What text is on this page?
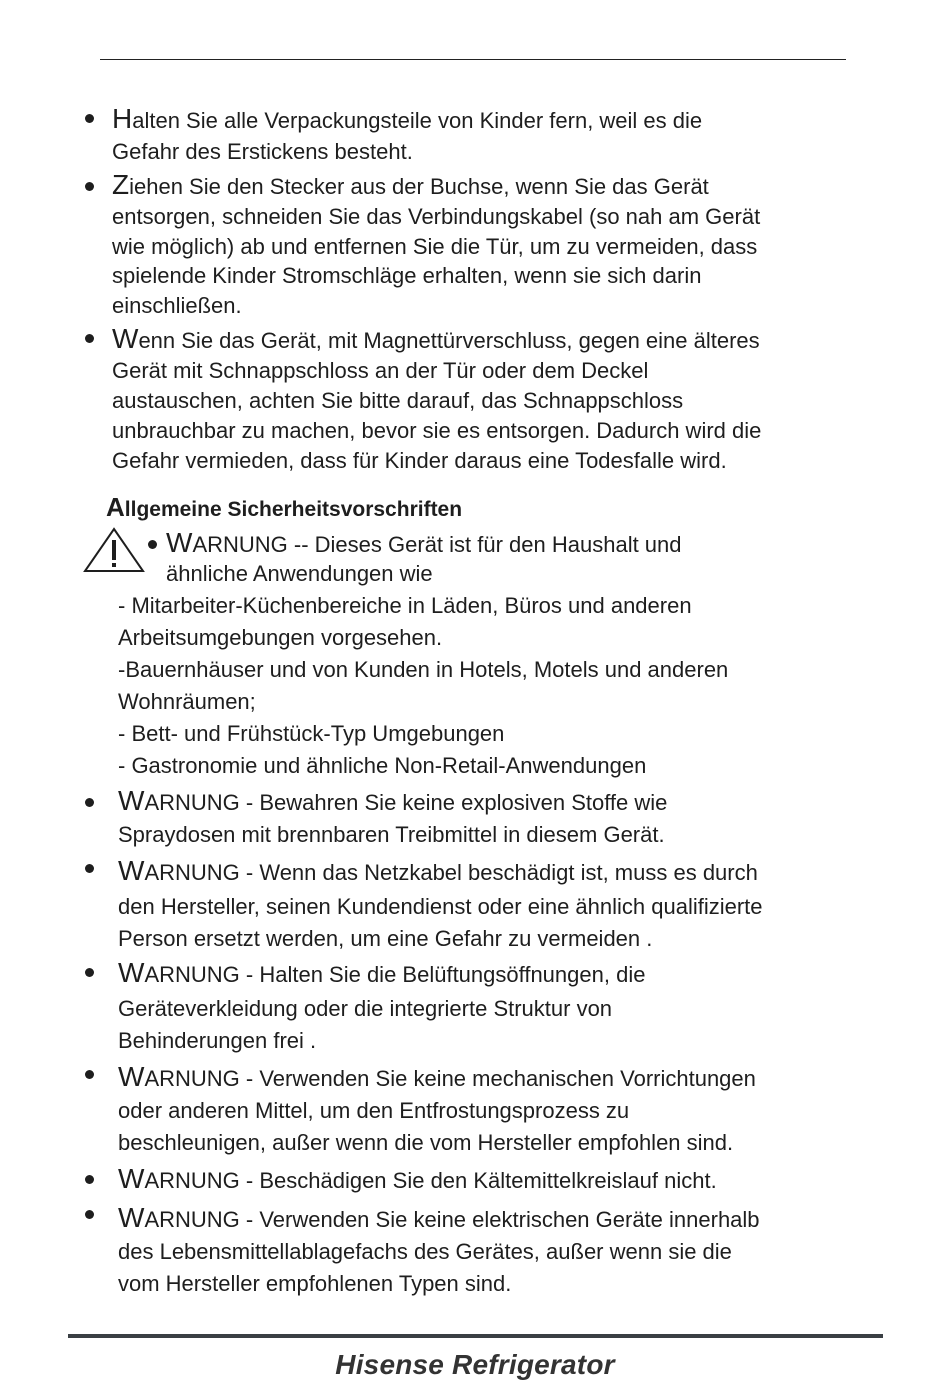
Halten Sie alle Verpackungsteile von Kinder fern, weil es die
Gefahr des Erstickens besteht.
Ziehen Sie den Stecker aus der Buchse, wenn Sie das Gerät
entsorgen, schneiden Sie das Verbindungskabel (so nah am Gerät
wie möglich) ab und entfernen Sie die Tür, um zu vermeiden, dass
spielende Kinder Stromschläge erhalten, wenn sie sich darin
einschließen.
Wenn Sie das Gerät, mit Magnettürverschluss, gegen eine älteres
Gerät mit Schnappschloss an der Tür oder dem Deckel
austauschen, achten Sie bitte darauf, das Schnappschloss
unbrauchbar zu machen, bevor sie es entsorgen. Dadurch wird die
Gefahr vermieden, dass für Kinder daraus eine Todesfalle wird.
Allgemeine Sicherheitsvorschriften
WARNUNG -- Dieses Gerät ist für den Haushalt und
ähnliche Anwendungen wie
- Mitarbeiter-Küchenbereiche in Läden, Büros und anderen
Arbeitsumgebungen vorgesehen.
-Bauernhäuser und von Kunden in Hotels, Motels und anderen
Wohnräumen;
- Bett- und Frühstück-Typ Umgebungen
- Gastronomie und ähnliche Non-Retail-Anwendungen
WARNUNG - Bewahren Sie keine explosiven Stoffe wie
Spraydosen mit brennbaren Treibmittel in diesem Gerät.
WARNUNG - Wenn das Netzkabel beschädigt ist, muss es durch
den Hersteller, seinen Kundendienst oder eine ähnlich qualifizierte
Person ersetzt werden, um eine Gefahr zu vermeiden .
WARNUNG - Halten Sie die Belüftungsöffnungen, die
Geräteverkleidung oder die integrierte Struktur von
Behinderungen frei .
WARNUNG - Verwenden Sie keine mechanischen Vorrichtungen
oder anderen Mittel, um den Entfrostungsprozess zu
beschleunigen, außer wenn die vom Hersteller empfohlen sind.
WARNUNG - Beschädigen Sie den Kältemittelkreislauf nicht.
WARNUNG - Verwenden Sie keine elektrischen Geräte innerhalb
des Lebensmittellablagefachs des Gerätes, außer wenn sie die
vom Hersteller empfohlenen Typen sind.
Hisense Refrigerator
